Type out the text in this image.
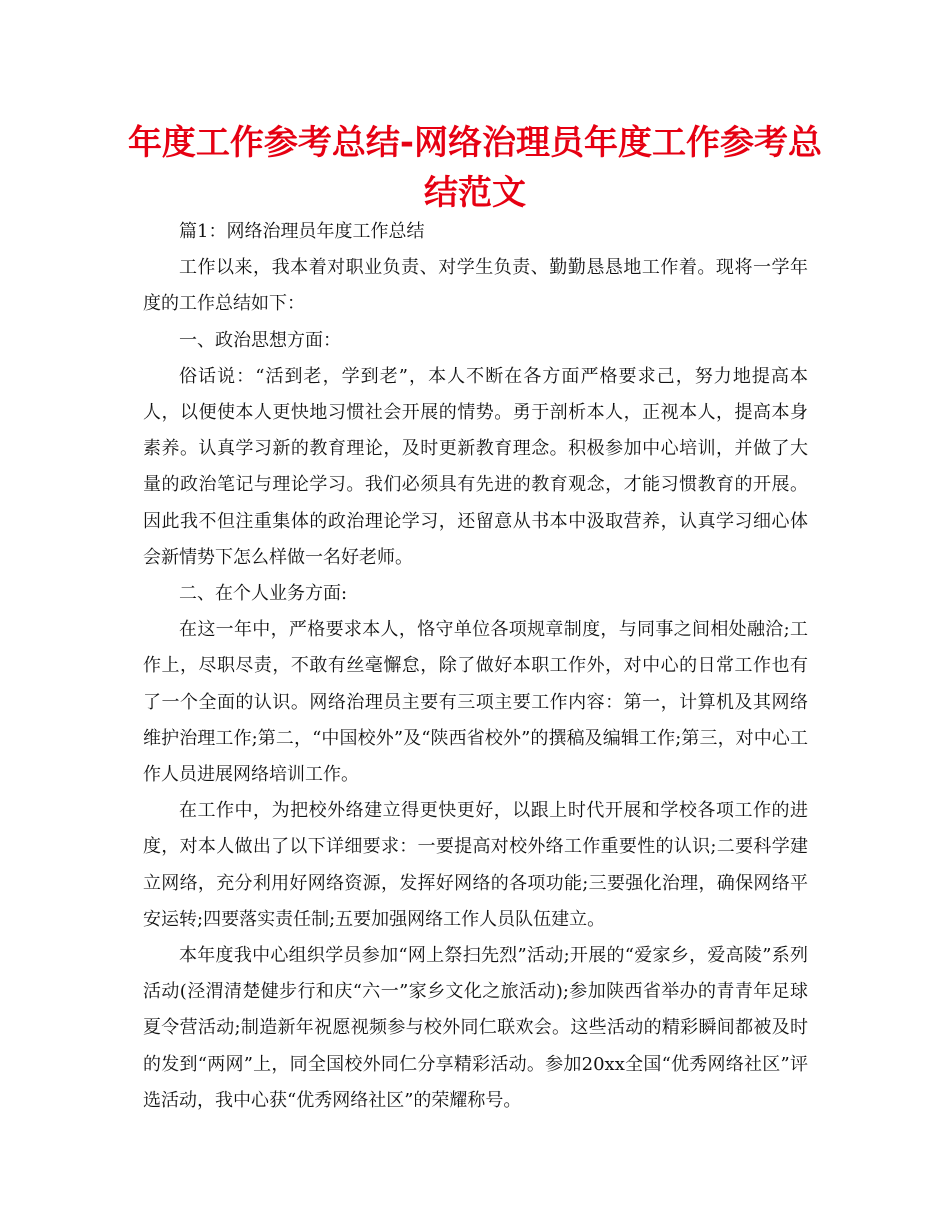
年度工作参考总结-网络治理员年度工作参考总结范文

篇1：网络治理员年度工作总结

工作以来，我本着对职业负责、对学生负责、勤勤恳恳地工作着。现将一学年度的工作总结如下：

一、政治思想方面：

俗话说：“活到老，学到老”，本人不断在各方面严格要求己，努力地提高本人，以便使本人更快地习惯社会开展的情势。勇于剖析本人，正视本人，提高本身素养。认真学习新的教育理论，及时更新教育理念。积极参加中心培训，并做了大量的政治笔记与理论学习。我们必须具有先进的教育观念，才能习惯教育的开展。因此我不但注重集体的政治理论学习，还留意从书本中汲取营养，认真学习细心体会新情势下怎么样做一名好老师。

二、在个人业务方面:

在这一年中，严格要求本人，恪守单位各项规章制度，与同事之间相处融洽;工作上，尽职尽责，不敢有丝毫懈怠，除了做好本职工作外，对中心的日常工作也有了一个全面的认识。网络治理员主要有三项主要工作内容：第一，计算机及其网络维护治理工作;第二，“中国校外”及“陕西省校外”的撰稿及编辑工作;第三，对中心工作人员进展网络培训工作。

在工作中，为把校外络建立得更快更好，以跟上时代开展和学校各项工作的进度，对本人做出了以下详细要求：一要提高对校外络工作重要性的认识;二要科学建立网络，充分利用好网络资源，发挥好网络的各项功能;三要强化治理，确保网络平安运转;四要落实责任制;五要加强网络工作人员队伍建立。

本年度我中心组织学员参加“网上祭扫先烈”活动;开展的“爱家乡，爱高陵”系列活动(泾渭清楚健步行和庆“六一”家乡文化之旅活动);参加陕西省举办的青青年足球夏令营活动;制造新年祝愿视频参与校外同仁联欢会。这些活动的精彩瞬间都被及时的发到“两网”上，同全国校外同仁分享精彩活动。参加20xx全国“优秀网络社区”评选活动，我中心获“优秀网络社区”的荣耀称号。
